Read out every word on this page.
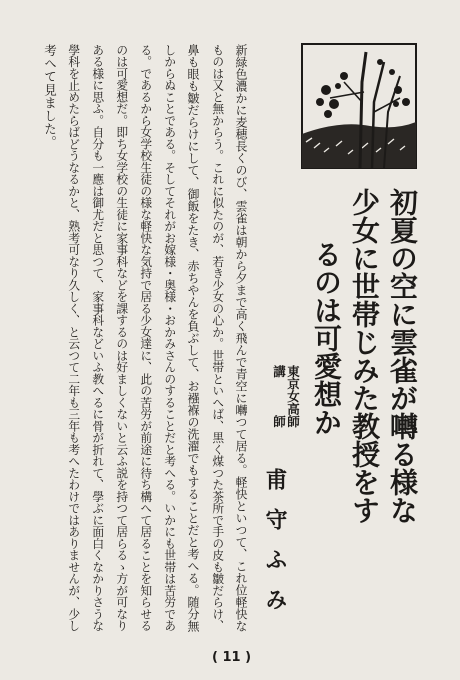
初夏の空に雲雀が囀る様な
少女に世帯じみた教授をす
るのは可愛想か
東京女高師
講　　　師
甫守ふみ
新緑色濃かに麦穂長くのび、雲雀は朝から夕まで高く飛んで青空に囀つて居る。軽快といつて、これ位軽快な
ものは又と無からう。これに似たのが、若き少女の心か。世帯といへば、黒く煤つた茶所で手の皮も皺だらけ、
鼻も眼も皺だらけにして、御飯をたき、赤ちやんを負ぶして、お襁褓の洗濯でもすることだと考へる。随分無
しからぬことである。そしてそれがお嫁様・奥様・おかみさんのすることだと考へる。いかにも世帯は苦労であ
る。であるから女学校生徒の様な軽快な気持で居る少女達に、此の苦労が前途に待ち構へて居ることを知らせる
のは可愛想だ。即ち女学校の生徒に家事科などを課するのは好ましくないと云ふ説を持つて居らるゝ方が可なり
ある様に思ふ。自分も一應は御尤だと思つて、家事科などいふ教へるに骨が折れて、學ぶに面白くなかりさうな
學科を止めたらばどうなるかと、熟考可なり久しく、と云つて二年も三年も考へたわけではありませんが、少し
考へて見ました。
( 11 )
